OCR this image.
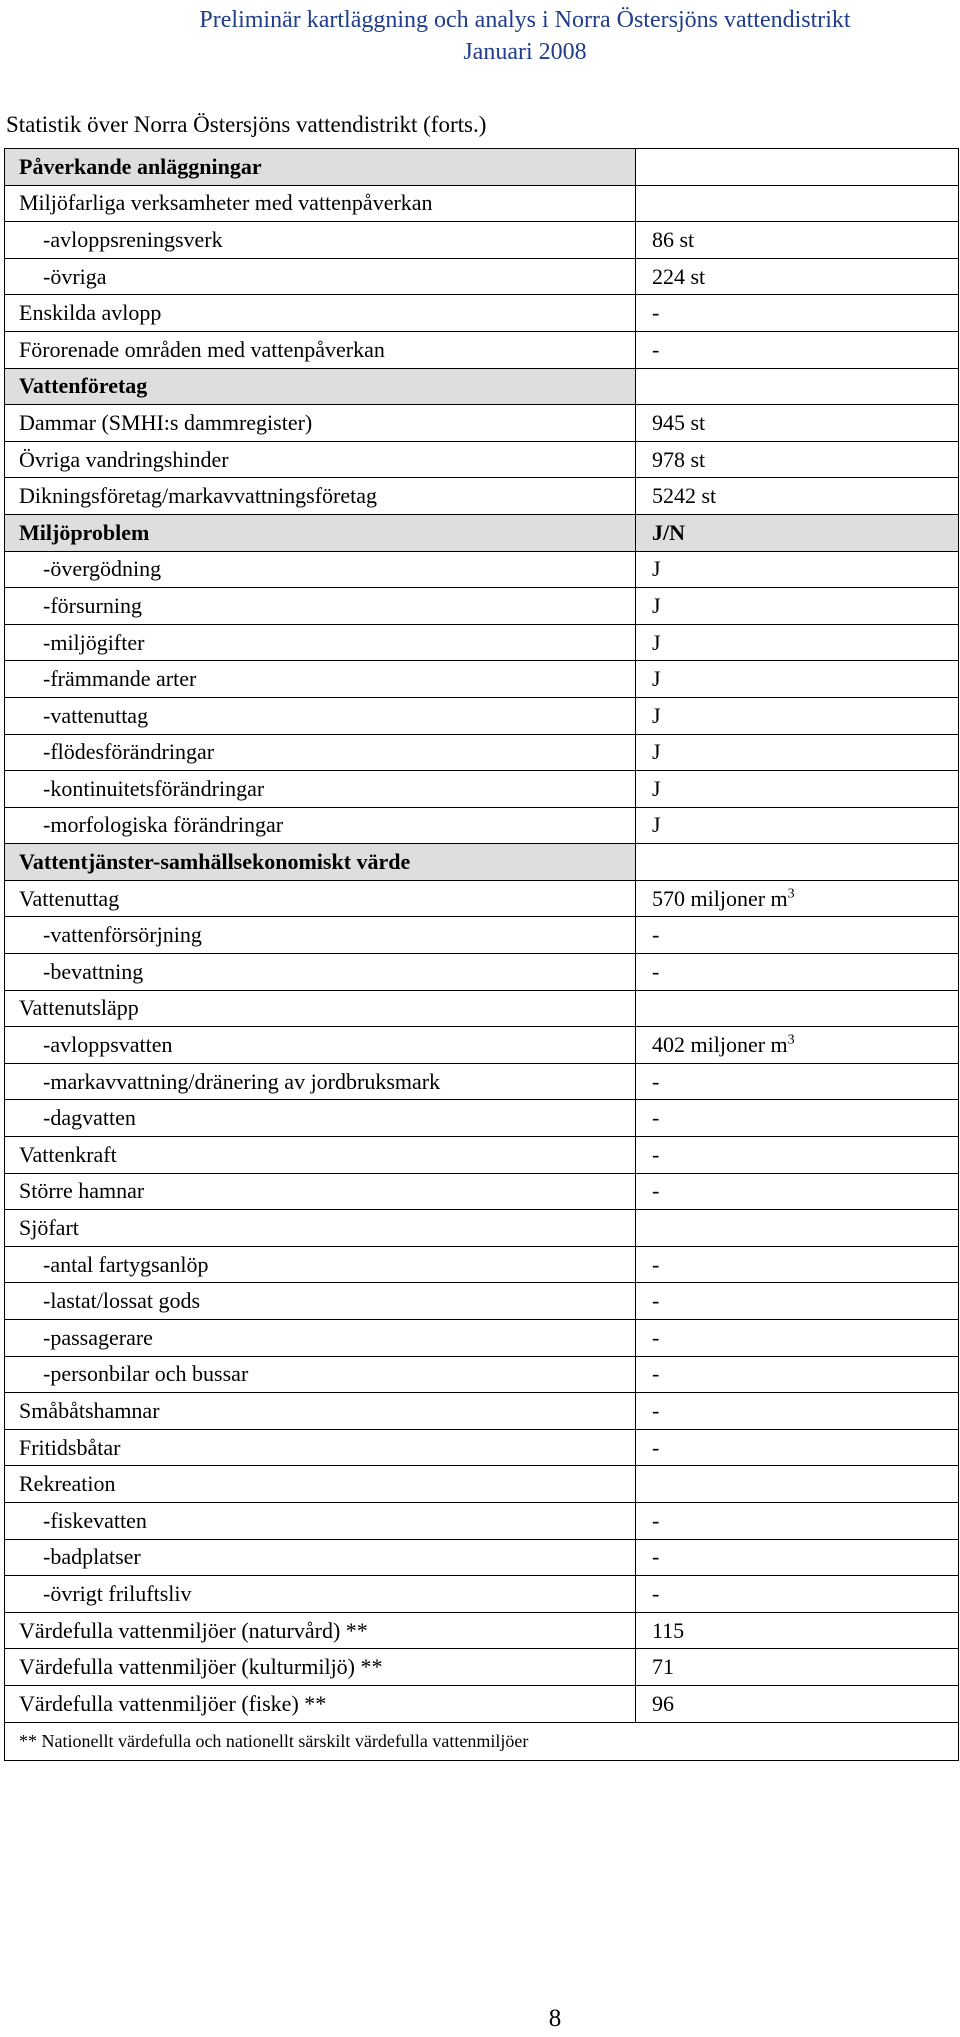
Preliminär kartläggning och analys i Norra Östersjöns vattendistrikt
Januari 2008
Statistik över Norra Östersjöns vattendistrikt (forts.)
Påverkande anläggningar	
Miljöfarliga verksamheter med vattenpåverkan	
-avloppsreningsverk	86 st
-övriga	224 st
Enskilda avlopp	-
Förorenade områden med vattenpåverkan	-
Vattenföretag	
Dammar (SMHI:s dammregister)	945 st
Övriga vandringshinder	978 st
Dikningsföretag/markavvattningsföretag	5242 st
Miljöproblem	J/N
-övergödning	J
-försurning	J
-miljögifter	J
-främmande arter	J
-vattenuttag	J
-flödesförändringar	J
-kontinuitetsförändringar	J
-morfologiska förändringar	J
Vattentjänster-samhällsekonomiskt värde	
Vattenuttag	570 miljoner $m^3$
-vattenförsörjning	-
-bevattning	-
Vattenutsläpp	
-avloppsvatten	402 miljoner $m^3$
-markavvattning/dränering av jordbruksmark	-
-dagvatten	-
Vattenkraft	-
Större hamnar	-
Sjöfart	
-antal fartygsanlöp	-
-lastat/lossat gods	-
-passagerare	-
-personbilar och bussar	-
Småbåtshamnar	-
Fritidsbåtar	-
Rekreation	
-fiskevatten	-
-badplatser	-
-övrigt friluftsliv	-
Värdefulla vattenmiljöer (naturvård) **	115
Värdefulla vattenmiljöer (kulturmiljö) **	71
Värdefulla vattenmiljöer (fiske) **	96
** Nationellt värdefulla och nationellt särskilt värdefulla vattenmiljöer	
8
